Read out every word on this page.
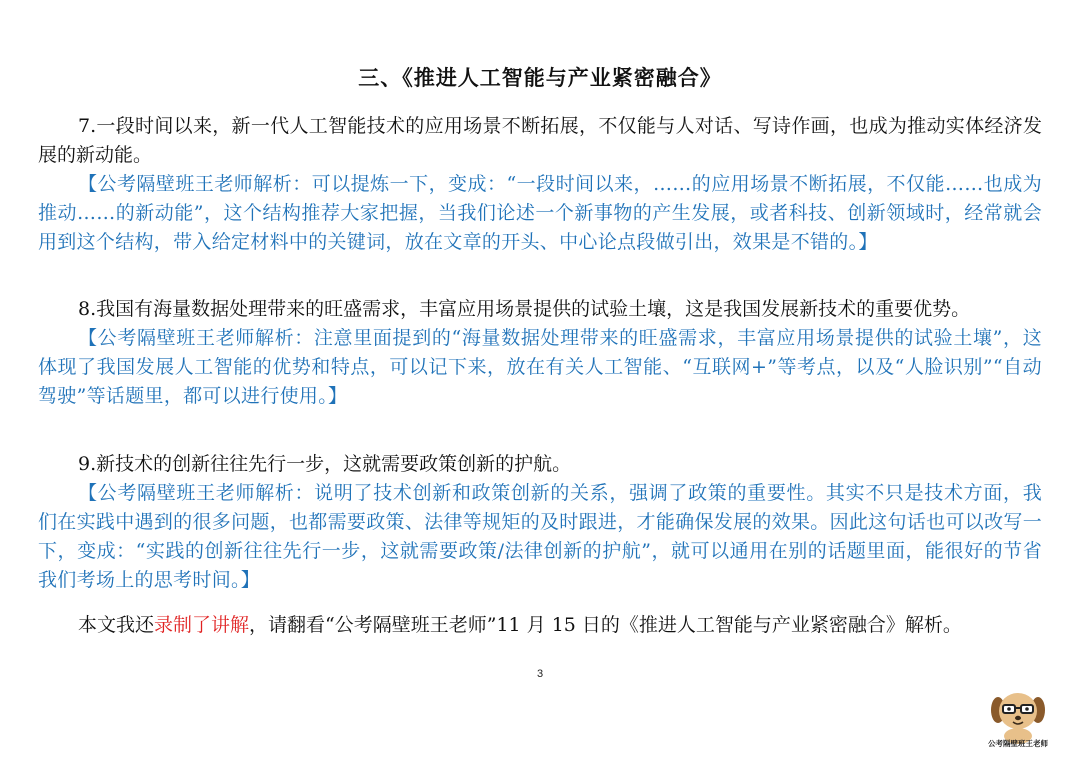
三、《推进人工智能与产业紧密融合》

7.一段时间以来，新一代人工智能技术的应用场景不断拓展，不仅能与人对话、写诗作画，也成为推动实体经济发展的新动能。

【公考隔壁班王老师解析：可以提炼一下，变成：“一段时间以来，……的应用场景不断拓展，不仅能……也成为推动……的新动能”，这个结构推荐大家把握，当我们论述一个新事物的产生发展，或者科技、创新领域时，经常就会用到这个结构，带入给定材料中的关键词，放在文章的开头、中心论点段做引出，效果是不错的。】

8.我国有海量数据处理带来的旺盛需求，丰富应用场景提供的试验土壤，这是我国发展新技术的重要优势。

【公考隔壁班王老师解析：注意里面提到的“海量数据处理带来的旺盛需求，丰富应用场景提供的试验土壤”，这体现了我国发展人工智能的优势和特点，可以记下来，放在有关人工智能、“互联网+”等考点，以及“人脸识别”“自动驾驶”等话题里，都可以进行使用。】

9.新技术的创新往往先行一步，这就需要政策创新的护航。

【公考隔壁班王老师解析：说明了技术创新和政策创新的关系，强调了政策的重要性。其实不只是技术方面，我们在实践中遇到的很多问题，也都需要政策、法律等规矩的及时跟进，才能确保发展的效果。因此这句话也可以改写一下，变成：“实践的创新往往先行一步，这就需要政策/法律创新的护航”，就可以通用在别的话题里面，能很好的节省我们考场上的思考时间。】

本文我还录制了讲解，请翻看“公考隔壁班王老师”11 月 15 日的《推进人工智能与产业紧密融合》解析。

3
公考隔壁班王老师
